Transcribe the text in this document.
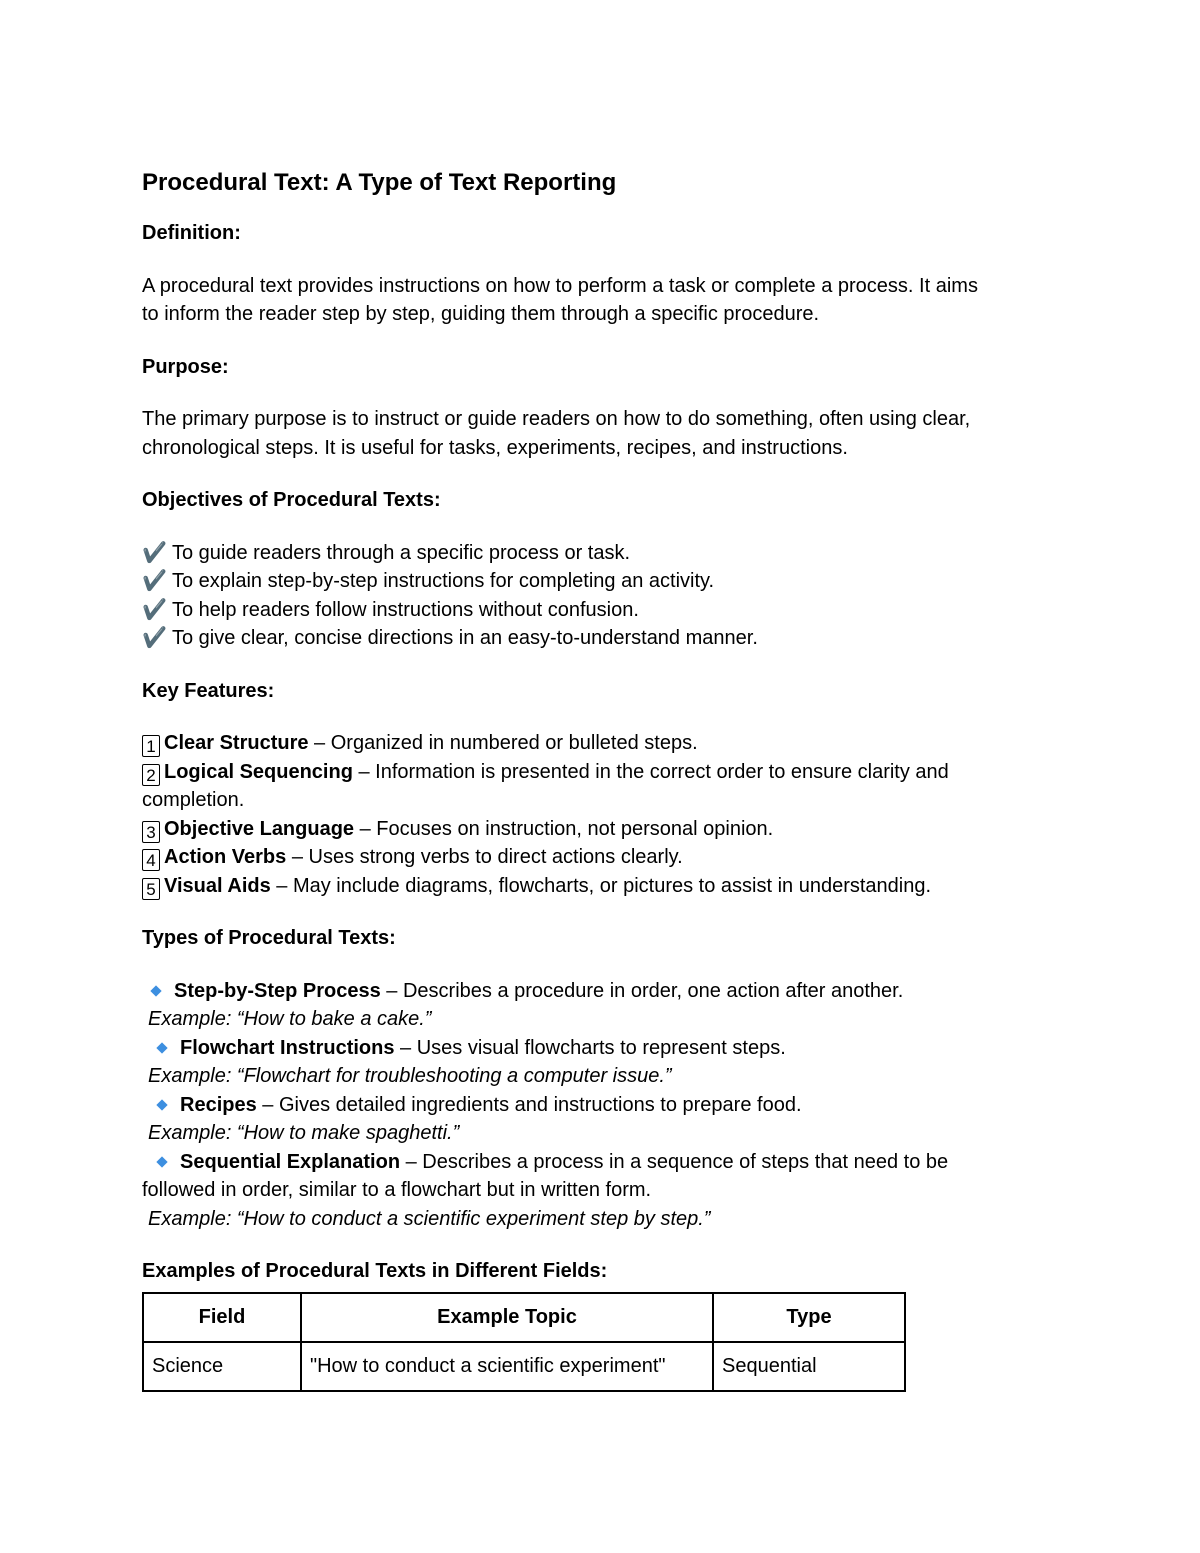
Procedural Text: A Type of Text Reporting
Definition:
A procedural text provides instructions on how to perform a task or complete a process. It aims
to inform the reader step by step, guiding them through a specific procedure.
Purpose:
The primary purpose is to instruct or guide readers on how to do something, often using clear,
chronological steps. It is useful for tasks, experiments, recipes, and instructions.
Objectives of Procedural Texts:
✔️ To guide readers through a specific process or task.
✔️ To explain step-by-step instructions for completing an activity.
✔️ To help readers follow instructions without confusion.
✔️ To give clear, concise directions in an easy-to-understand manner.
Key Features:
1 Clear Structure – Organized in numbered or bulleted steps.
2 Logical Sequencing – Information is presented in the correct order to ensure clarity and
completion.
3 Objective Language – Focuses on instruction, not personal opinion.
4 Action Verbs – Uses strong verbs to direct actions clearly.
5 Visual Aids – May include diagrams, flowcharts, or pictures to assist in understanding.
Types of Procedural Texts:
Step-by-Step Process – Describes a procedure in order, one action after another.
Example: “How to bake a cake.”
Flowchart Instructions – Uses visual flowcharts to represent steps.
Example: “Flowchart for troubleshooting a computer issue.”
Recipes – Gives detailed ingredients and instructions to prepare food.
Example: “How to make spaghetti.”
Sequential Explanation – Describes a process in a sequence of steps that need to be
followed in order, similar to a flowchart but in written form.
Example: “How to conduct a scientific experiment step by step.”
Examples of Procedural Texts in Different Fields:
Field	Example Topic	Type
Science	"How to conduct a scientific experiment"	Sequential
